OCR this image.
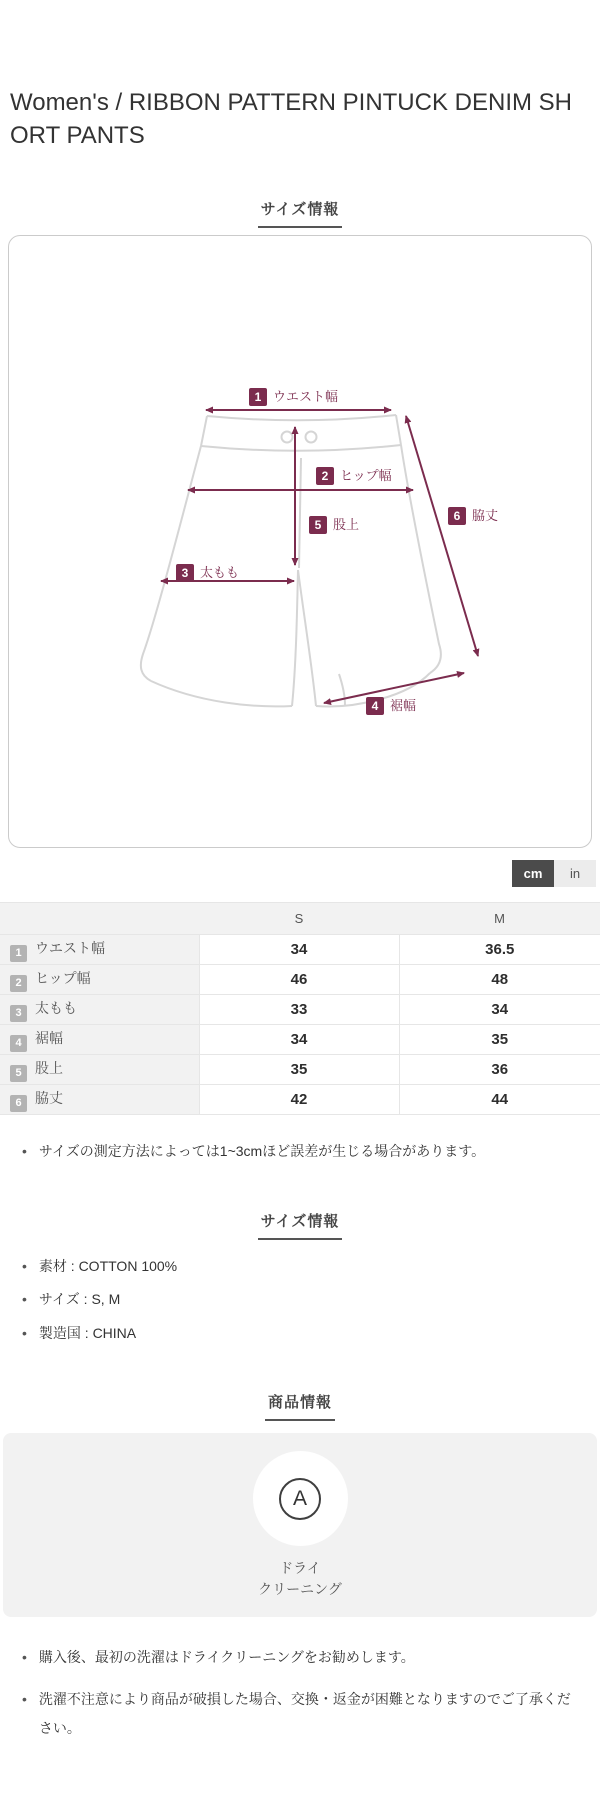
Women's / RIBBON PATTERN PINTUCK DENIM SHORT PANTS
サイズ情報
1 ウエスト幅
2 ヒップ幅
3 太もも
4 裾幅
5 股上
6 脇丈
cm in
	S	M
1 ウエスト幅	34	36.5
2 ヒップ幅	46	48
3 太もも	33	34
4 裾幅	34	35
5 股上	35	36
6 脇丈	42	44
• サイズの測定方法によっては1~3cmほど誤差が生じる場合があります。
サイズ情報
• 素材 : COTTON 100%
• サイズ : S, M
• 製造国 : CHINA
商品情報
A
ドライ
クリーニング
• 購入後、最初の洗濯はドライクリーニングをお勧めします。
• 洗濯不注意により商品が破損した場合、交換・返金が困難となりますのでご了承ください。
